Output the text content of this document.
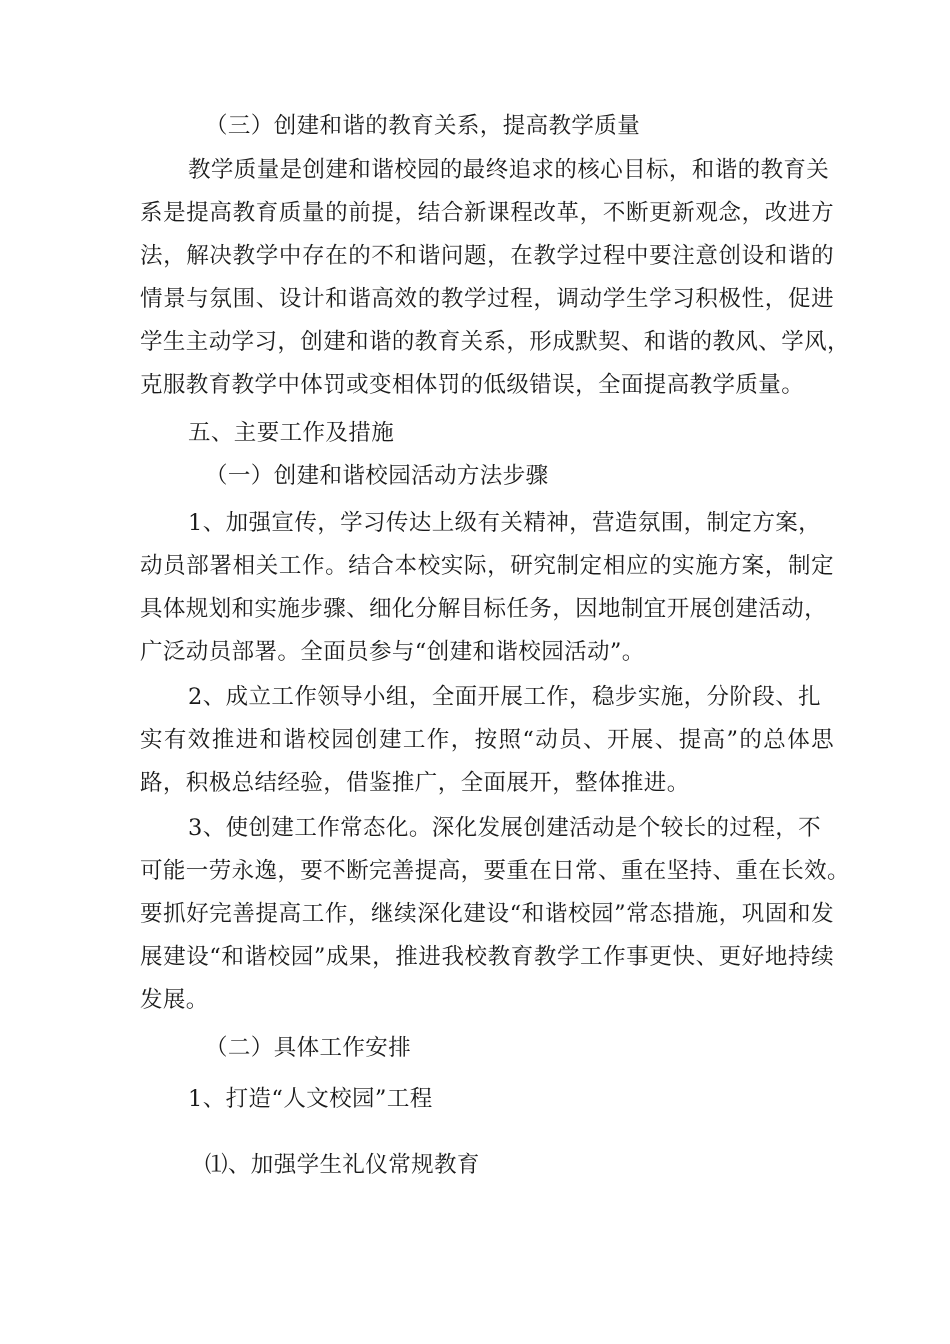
（三）创建和谐的教育关系，提高教学质量
教学质量是创建和谐校园的最终追求的核心目标，和谐的教育关
系是提高教育质量的前提，结合新课程改革，不断更新观念，改进方
法，解决教学中存在的不和谐问题，在教学过程中要注意创设和谐的
情景与氛围、设计和谐高效的教学过程，调动学生学习积极性，促进
学生主动学习，创建和谐的教育关系，形成默契、和谐的教风、学风，
克服教育教学中体罚或变相体罚的低级错误，全面提高教学质量。
五、主要工作及措施
（一）创建和谐校园活动方法步骤
1、加强宣传，学习传达上级有关精神，营造氛围，制定方案，
动员部署相关工作。结合本校实际，研究制定相应的实施方案，制定
具体规划和实施步骤、细化分解目标任务，因地制宜开展创建活动，
广泛动员部署。全面员参与“创建和谐校园活动”。
2、成立工作领导小组，全面开展工作，稳步实施，分阶段、扎
实有效推进和谐校园创建工作，按照“动员、开展、提高”的总体思
路，积极总结经验，借鉴推广，全面展开，整体推进。
3、使创建工作常态化。深化发展创建活动是个较长的过程，不
可能一劳永逸，要不断完善提高，要重在日常、重在坚持、重在长效。
要抓好完善提高工作，继续深化建设“和谐校园”常态措施，巩固和发
展建设“和谐校园”成果，推进我校教育教学工作事更快、更好地持续
发展。
（二）具体工作安排
1、打造“人文校园”工程
⑴、加强学生礼仪常规教育
